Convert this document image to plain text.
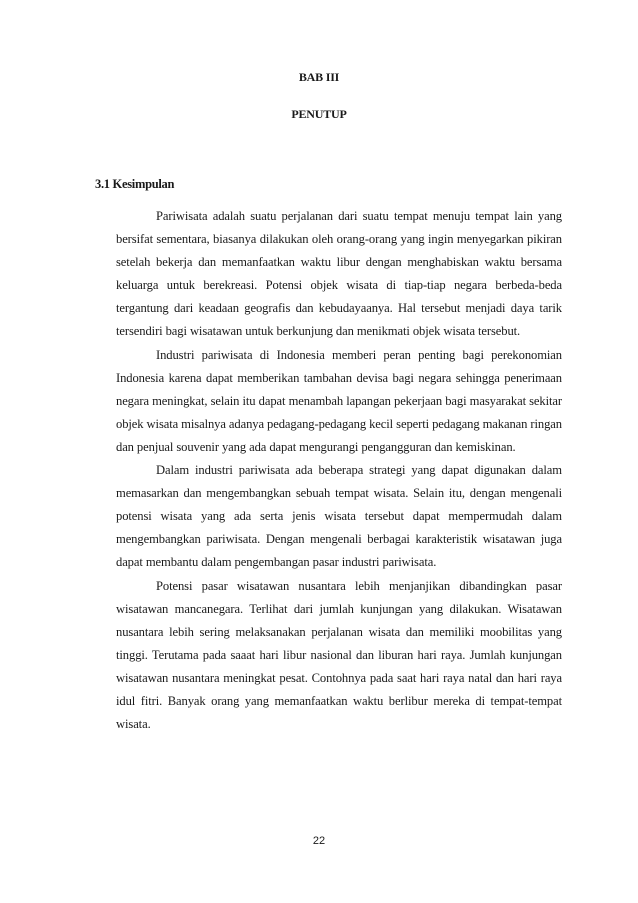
BAB III
PENUTUP
3.1 Kesimpulan

Pariwisata adalah suatu perjalanan dari suatu tempat menuju tempat lain yang bersifat sementara, biasanya dilakukan oleh orang-orang yang ingin menyegarkan pikiran setelah bekerja dan memanfaatkan waktu libur dengan menghabiskan waktu bersama keluarga untuk berekreasi. Potensi objek wisata di tiap-tiap negara berbeda-beda tergantung dari keadaan geografis dan kebudayaanya. Hal tersebut menjadi daya tarik tersendiri bagi wisatawan untuk berkunjung dan menikmati objek wisata tersebut.

Industri pariwisata di Indonesia memberi peran penting bagi perekonomian Indonesia karena dapat memberikan tambahan devisa bagi negara sehingga penerimaan negara meningkat, selain itu dapat menambah lapangan pekerjaan bagi masyarakat sekitar objek wisata misalnya adanya pedagang-pedagang kecil seperti pedagang makanan ringan dan penjual souvenir yang ada dapat mengurangi pengangguran dan kemiskinan.

Dalam industri pariwisata ada beberapa strategi yang dapat digunakan dalam memasarkan dan mengembangkan sebuah tempat wisata. Selain itu, dengan mengenali potensi wisata yang ada serta jenis wisata tersebut dapat mempermudah dalam mengembangkan pariwisata. Dengan mengenali berbagai karakteristik wisatawan juga dapat membantu dalam pengembangan pasar industri pariwisata.

Potensi pasar wisatawan nusantara lebih menjanjikan dibandingkan pasar wisatawan mancanegara. Terlihat dari jumlah kunjungan yang dilakukan. Wisatawan nusantara lebih sering melaksanakan perjalanan wisata dan memiliki moobilitas yang tinggi. Terutama pada saaat hari libur nasional dan liburan hari raya. Jumlah kunjungan wisatawan nusantara meningkat pesat. Contohnya pada saat hari raya natal dan hari raya idul fitri. Banyak orang yang memanfaatkan waktu berlibur mereka di tempat-tempat wisata.

22
